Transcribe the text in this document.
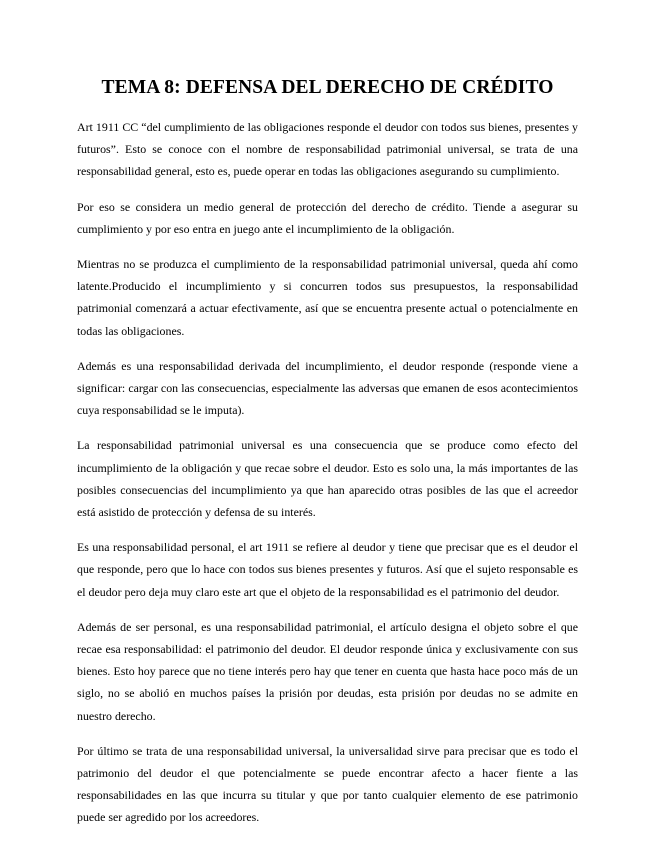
TEMA 8: DEFENSA DEL DERECHO DE CRÉDITO

Art 1911 CC “del cumplimiento de las obligaciones responde el deudor con todos sus bienes, presentes y futuros”. Esto se conoce con el nombre de responsabilidad patrimonial universal, se trata de una responsabilidad general, esto es, puede operar en todas las obligaciones asegurando su cumplimiento.

Por eso se considera un medio general de protección del derecho de crédito. Tiende a asegurar su cumplimiento y por eso entra en juego ante el incumplimiento de la obligación.

Mientras no se produzca el cumplimiento de la responsabilidad patrimonial universal, queda ahí como latente.Producido el incumplimiento y si concurren todos sus presupuestos, la responsabilidad patrimonial comenzará a actuar efectivamente, así que se encuentra presente actual o potencialmente en todas las obligaciones.

Además es una responsabilidad derivada del incumplimiento, el deudor responde (responde viene a significar: cargar con las consecuencias, especialmente las adversas que emanen de esos acontecimientos cuya responsabilidad se le imputa).

La responsabilidad patrimonial universal es una consecuencia que se produce como efecto del incumplimiento de la obligación y que recae sobre el deudor. Esto es solo una, la más importantes de las posibles consecuencias del incumplimiento ya que han aparecido otras posibles de las que el acreedor está asistido de protección y defensa de su interés.

Es una responsabilidad personal, el art 1911 se refiere al deudor y tiene que precisar que es el deudor el que responde, pero que lo hace con todos sus bienes presentes y futuros. Así que el sujeto responsable es el deudor pero deja muy claro este art que el objeto de la responsabilidad es el patrimonio del deudor.

Además de ser personal, es una responsabilidad patrimonial, el artículo designa el objeto sobre el que recae esa responsabilidad: el patrimonio del deudor. El deudor responde única y exclusivamente con sus bienes. Esto hoy parece que no tiene interés pero hay que tener en cuenta que hasta hace poco más de un siglo, no se abolió en muchos países la prisión por deudas, esta prisión por deudas no se admite en nuestro derecho.

Por último se trata de una responsabilidad universal, la universalidad sirve para precisar que es todo el patrimonio del deudor el que potencialmente se puede encontrar afecto a hacer fiente a las responsabilidades en las que incurra su titular y que por tanto cualquier elemento de ese patrimonio puede ser agredido por los acreedores.
